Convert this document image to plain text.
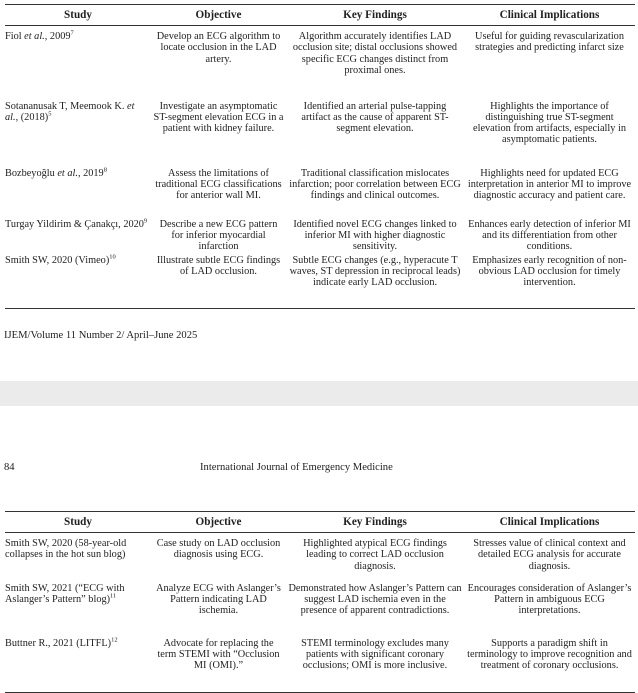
Study	Objective	Key Findings	Clinical Implications
Fiol et al., 2009$^7$	Develop an ECG algorithm to locate occlusion in the LAD artery.	Algorithm accurately identifies LAD occlusion site; distal occlusions showed specific ECG changes distinct from proximal ones.	Useful for guiding revascularization strategies and predicting infarct size
Sotananusak T, Meemook K. et al., $(2018)^5$	Investigate an asymptomatic ST-segment elevation ECG in a patient with kidney failure.	Identified an arterial pulse-tapping artifact as the cause of apparent ST-segment elevation.	Highlights the importance of distinguishing true ST-segment elevation from artifacts, especially in asymptomatic patients.
Bozbeyoğlu et al., 2019$^8$	Assess the limitations of traditional ECG classifications for anterior wall MI.	Traditional classification mislocates infarction; poor correlation between ECG findings and clinical outcomes.	Highlights need for updated ECG interpretation in anterior MI to improve diagnostic accuracy and patient care.
Turgay Yildirim & Çanakçı, 2020$^9$	Describe a new ECG pattern for inferior myocardial infarction	Identified novel ECG changes linked to inferior MI with higher diagnostic sensitivity.	Enhances early detection of inferior MI and its differentiation from other conditions.
Smith SW, 2020 (Vimeo)$^{10}$	Illustrate subtle ECG findings of LAD occlusion.	Subtle ECG changes (e.g., hyperacute T waves, ST depression in reciprocal leads) indicate early LAD occlusion.	Emphasizes early recognition of non-obvious LAD occlusion for timely intervention.
IJEM/Volume 11 Number 2/ April–June 2025
84	International Journal of Emergency Medicine
Study	Objective	Key Findings	Clinical Implications
Smith SW, 2020 (58-year-old collapses in the hot sun blog)	Case study on LAD occlusion diagnosis using ECG.	Highlighted atypical ECG findings leading to correct LAD occlusion diagnosis.	Stresses value of clinical context and detailed ECG analysis for accurate diagnosis.
Smith SW, 2021 (“ECG with Aslanger’s Pattern” blog)$^{11}$	Analyze ECG with Aslanger’s Pattern indicating LAD ischemia.	Demonstrated how Aslanger’s Pattern can suggest LAD ischemia even in the presence of apparent contradictions.	Encourages consideration of Aslanger’s Pattern in ambiguous ECG interpretations.
Buttner R., 2021 (LITFL)$^{12}$	Advocate for replacing the term STEMI with “Occlusion MI (OMI).”	STEMI terminology excludes many patients with significant coronary occlusions; OMI is more inclusive.	Supports a paradigm shift in terminology to improve recognition and treatment of coronary occlusions.
